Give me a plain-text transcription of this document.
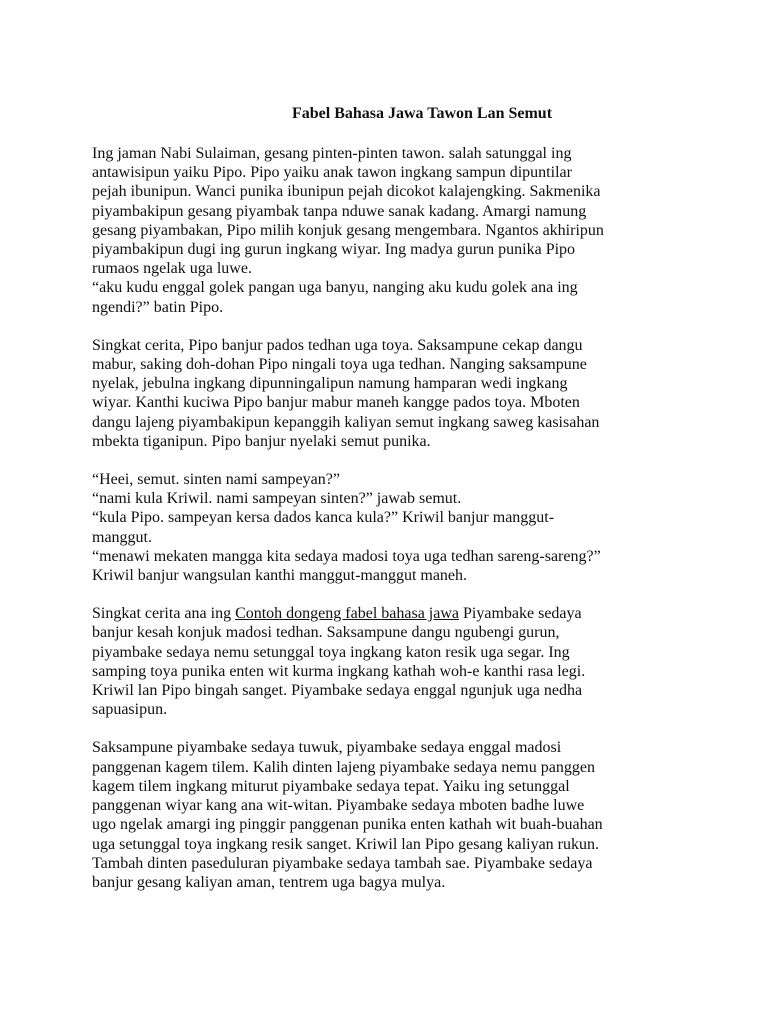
Fabel Bahasa Jawa Tawon Lan Semut
Ing jaman Nabi Sulaiman, gesang pinten-pinten tawon. salah satunggal ing
antawisipun yaiku Pipo. Pipo yaiku anak tawon ingkang sampun dipuntilar
pejah ibunipun. Wanci punika ibunipun pejah dicokot kalajengking. Sakmenika
piyambakipun gesang piyambak tanpa nduwe sanak kadang. Amargi namung
gesang piyambakan, Pipo milih konjuk gesang mengembara. Ngantos akhiripun
piyambakipun dugi ing gurun ingkang wiyar. Ing madya gurun punika Pipo
rumaos ngelak uga luwe.
“aku kudu enggal golek pangan uga banyu, nanging aku kudu golek ana ing
ngendi?” batin Pipo.
Singkat cerita, Pipo banjur pados tedhan uga toya. Saksampune cekap dangu
mabur, saking doh-dohan Pipo ningali toya uga tedhan. Nanging saksampune
nyelak, jebulna ingkang dipunningalipun namung hamparan wedi ingkang
wiyar. Kanthi kuciwa Pipo banjur mabur maneh kangge pados toya. Mboten
dangu lajeng piyambakipun kepanggih kaliyan semut ingkang saweg kasisahan
mbekta tiganipun. Pipo banjur nyelaki semut punika.
“Heei, semut. sinten nami sampeyan?”
“nami kula Kriwil. nami sampeyan sinten?” jawab semut.
“kula Pipo. sampeyan kersa dados kanca kula?” Kriwil banjur manggut-
manggut.
“menawi mekaten mangga kita sedaya madosi toya uga tedhan sareng-sareng?”
Kriwil banjur wangsulan kanthi manggut-manggut maneh.
Singkat cerita ana ing Contoh dongeng fabel bahasa jawa Piyambake sedaya
banjur kesah konjuk madosi tedhan. Saksampune dangu ngubengi gurun,
piyambake sedaya nemu setunggal toya ingkang katon resik uga segar. Ing
samping toya punika enten wit kurma ingkang kathah woh-e kanthi rasa legi.
Kriwil lan Pipo bingah sanget. Piyambake sedaya enggal ngunjuk uga nedha
sapuasipun.
Saksampune piyambake sedaya tuwuk, piyambake sedaya enggal madosi
panggenan kagem tilem. Kalih dinten lajeng piyambake sedaya nemu panggen
kagem tilem ingkang miturut piyambake sedaya tepat. Yaiku ing setunggal
panggenan wiyar kang ana wit-witan. Piyambake sedaya mboten badhe luwe
ugo ngelak amargi ing pinggir panggenan punika enten kathah wit buah-buahan
uga setunggal toya ingkang resik sanget. Kriwil lan Pipo gesang kaliyan rukun.
Tambah dinten paseduluran piyambake sedaya tambah sae. Piyambake sedaya
banjur gesang kaliyan aman, tentrem uga bagya mulya.
